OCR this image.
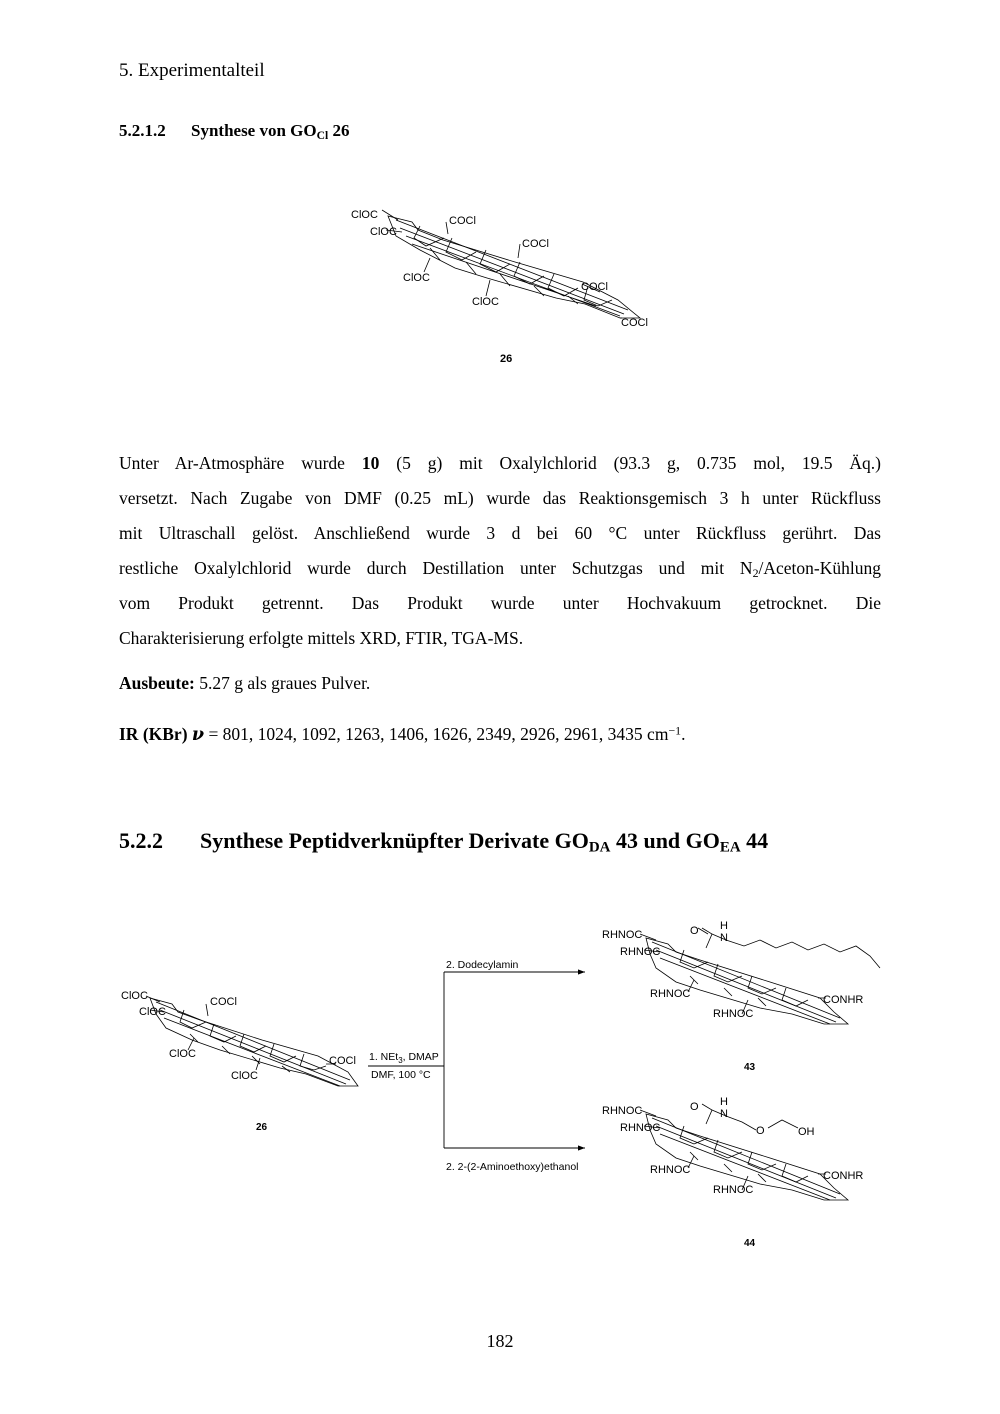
5. Experimentalteil
5.2.1.2 Synthese von $GO_{Cl}$ 26
ClOC
ClOC
COCl
COCl
ClOC
ClOC
COCl
COCl
26
Unter Ar-Atmosphäre wurde 10 (5 g) mit Oxalylchlorid (93.3 g, 0.735 mol, 19.5 Äq.)
versetzt. Nach Zugabe von DMF (0.25 mL) wurde das Reaktionsgemisch 3 h unter Rückfluss
mit Ultraschall gelöst. Anschließend wurde 3 d bei 60 °C unter Rückfluss gerührt. Das
restliche Oxalylchlorid wurde durch Destillation unter Schutzgas und mit $N_2/Aceton$-Kühlung
vom Produkt getrennt. Das Produkt wurde unter Hochvakuum getrocknet. Die
Charakterisierung erfolgte mittels XRD, FTIR, TGA-MS.
Ausbeute: 5.27 g als graues Pulver.
IR (KBr) ν = 801, 1024, 1092, 1263, 1406, 1626, 2349, 2926, 2961, 3435 $cm^{-1}$.
5.2.2 Synthese Peptidverknüpfter Derivate $GO_{DA}$ 43 und $GO_{EA}$ 44
ClOC
ClOC
COCl
ClOC
COCl
ClOC
26
1. NEt$_3$, DMAP
DMF, 100 °C
2. Dodecylamin
2. 2-(2-Aminoethoxy)ethanol
RHNOC
RHNOC
RHNOC
RHNOC
CONHR
O H
N
43
RHNOC
RHNOC
RHNOC
RHNOC
CONHR
O H
N
O	OH
44
182
